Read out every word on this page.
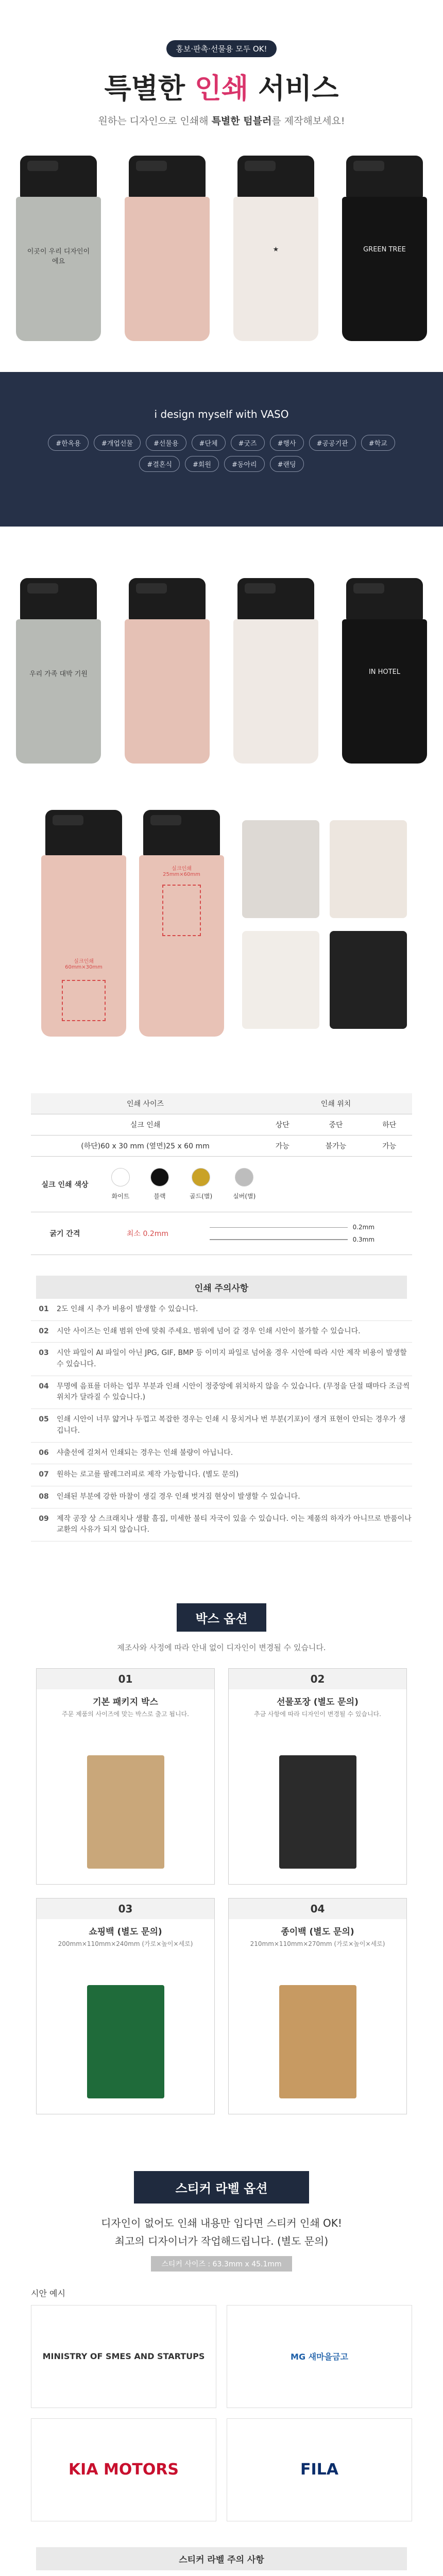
홍보·판촉·선물용 모두 OK!
특별한 인쇄 서비스
원하는 디자인으로 인쇄해 특별한 텀블러를 제작해보세요!
이곳이 우리 디자인이에요
★	GREEN TREE
i design myself with VASO
#한옥용	#개업선물	#선물용	#단체	#굿즈	#행사	#공공기관	#학교
#결혼식	#회원	#동아리	#랜딩
우리 가족 대박 기원	IN HOTEL
실크인쇄
60mm×30mm
실크인쇄
25mm×60mm
인쇄 사이즈	인쇄 위치		
실크 인쇄	상단	중단	하단
(하단)60 x 30 mm (옆면)25 x 60 mm	가능	불가능	가능

실크 인쇄 색상
화이트 블랙 골드(별) 실버(별)			

굵기 간격 최소 0.2mm
0.2mm
0.3mm			
인쇄 주의사항
01	2도 인쇄 시 추가 비용이 발생할 수 있습니다.
02	시안 사이즈는 인쇄 범위 안에 맞춰 주세요. 범위에 넘어 갈 경우 인쇄 시안이 불가할 수 있습니다.
03	시안 파일이 AI 파일이 아닌 JPG, GIF, BMP 등 이미지 파일로 넘어올 경우 시안에 따라 시안 제작 비용이 발생할 수 있습니다.
04	무명에 음표를 더하는 업무 부분과 인쇄 시안이 정중앙에 위치하지 않을 수 있습니다. (무정을 단절 때마다 조금씩 위치가 달라질 수 있습니다.)
05	인쇄 시안이 너무 얇거나 두껍고 복잡한 경우는 인쇄 시 뭉치거나 번 부분(기포)이 생겨 표현이 안되는 경우가 생깁니다.
06	샤출선에 걸쳐서 인쇄되는 경우는 인쇄 불량이 아닙니다.
07	원하는 로고를 팔레그러피로 제작 가능합니다. (별도 문의)
08	인쇄된 부분에 강한 마찰이 생길 경우 인쇄 벗겨짐 현상이 발생할 수 있습니다.
09	제작 공장 상 스크래치나 생활 흠집, 미세한 불티 자국이 있을 수 있습니다. 이는 제품의 하자가 아니므로 반품이나 교환의 사유가 되지 않습니다.
박스 옵션
제조사와 사정에 따라 안내 없이 디자인이 변경될 수 있습니다.
01
기본 패키지 박스
주문 제품의 사이즈에 맞는 박스로 출고 됩니다.
02
선물포장 (별도 문의)
추금 사항에 따라 디자인이 변경될 수 있습니다.
03
쇼핑백 (별도 문의)
200mm×110mm×240mm (가로×높이×세로)
04
종이백 (별도 문의)
210mm×110mm×270mm (가로×높이×세로)
스티커 라벨 옵션
디자인이 없어도 인쇄 내용만 입다면 스티커 인쇄 OK!
최고의 디자이너가 작업해드립니다. (별도 문의)
스티커 사이즈 : 63.3mm x 45.1mm
시안 예시
MINISTRY OF SMES AND STARTUPS	MG 새마을금고
KIA MOTORS	FILA
스티커 라벨 주의 사항
